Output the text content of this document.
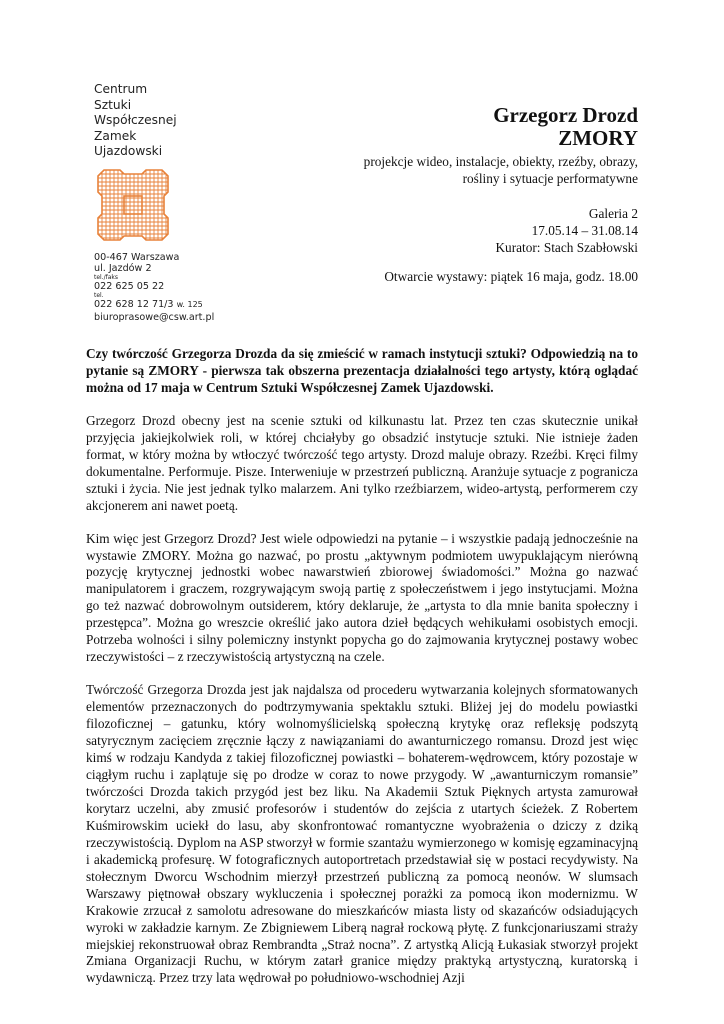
Centrum
Sztuki
Współczesnej
Zamek
Ujazdowski
00-467 Warszawa
ul. Jazdów 2
tel./faks
022 625 05 22
tel.
022 628 12 71/3 w. 125
biuroprasowe@csw.art.pl
Grzegorz Drozd
ZMORY
projekcje wideo, instalacje, obiekty, rzeźby, obrazy,
rośliny i sytuacje performatywne
Galeria 2
17.05.14 – 31.08.14
Kurator: Stach Szabłowski
Otwarcie wystawy: piątek 16 maja, godz. 18.00

Czy twórczość Grzegorza Drozda da się zmieścić w ramach instytucji sztuki? Odpowiedzią na to pytanie są ZMORY - pierwsza tak obszerna prezentacja działalności tego artysty, którą oglądać można od 17 maja w Centrum Sztuki Współczesnej Zamek Ujazdowski.

Grzegorz Drozd obecny jest na scenie sztuki od kilkunastu lat. Przez ten czas skutecznie unikał przyjęcia jakiejkolwiek roli, w której chciałyby go obsadzić instytucje sztuki. Nie istnieje żaden format, w który można by wtłoczyć twórczość tego artysty. Drozd maluje obrazy. Rzeźbi. Kręci filmy dokumentalne. Performuje. Pisze. Interweniuje w przestrzeń publiczną. Aranżuje sytuacje z pogranicza sztuki i życia. Nie jest jednak tylko malarzem. Ani tylko rzeźbiarzem, wideo-artystą, performerem czy akcjonerem ani nawet poetą.

Kim więc jest Grzegorz Drozd? Jest wiele odpowiedzi na pytanie – i wszystkie padają jednocześnie na wystawie ZMORY. Można go nazwać, po prostu „aktywnym podmiotem uwypuklającym nierówną pozycję krytycznej jednostki wobec nawarstwień zbiorowej świadomości.” Można go nazwać manipulatorem i graczem, rozgrywającym swoją partię z społeczeństwem i jego instytucjami. Można go też nazwać dobrowolnym outsiderem, który deklaruje, że „artysta to dla mnie banita społeczny i przestępca”. Można go wreszcie określić jako autora dzieł będących wehikułami osobistych emocji. Potrzeba wolności i silny polemiczny instynkt popycha go do zajmowania krytycznej postawy wobec rzeczywistości – z rzeczywistością artystyczną na czele.

Twórczość Grzegorza Drozda jest jak najdalsza od procederu wytwarzania kolejnych sformatowanych elementów przeznaczonych do podtrzymywania spektaklu sztuki. Bliżej jej do modelu powiastki filozoficznej – gatunku, który wolnomyślicielską społeczną krytykę oraz refleksję podszytą satyrycznym zacięciem zręcznie łączy z nawiązaniami do awanturniczego romansu. Drozd jest więc kimś w rodzaju Kandyda z takiej filozoficznej powiastki – bohaterem-wędrowcem, który pozostaje w ciągłym ruchu i zaplątuje się po drodze w coraz to nowe przygody. W „awanturniczym romansie” twórczości Drozda takich przygód jest bez liku. Na Akademii Sztuk Pięknych artysta zamurował korytarz uczelni, aby zmusić profesorów i studentów do zejścia z utartych ścieżek. Z Robertem Kuśmirowskim uciekł do lasu, aby skonfrontować romantyczne wyobrażenia o dziczy z dziką rzeczywistością. Dyplom na ASP stworzył w formie szantażu wymierzonego w komisję egzaminacyjną i akademicką profesurę. W fotograficznych autoportretach przedstawiał się w postaci recydywisty. Na stołecznym Dworcu Wschodnim mierzył przestrzeń publiczną za pomocą neonów. W slumsach Warszawy piętnował obszary wykluczenia i społecznej porażki za pomocą ikon modernizmu. W Krakowie zrzucał z samolotu adresowane do mieszkańców miasta listy od skazańców odsiadujących wyroki w zakładzie karnym. Ze Zbigniewem Liberą nagrał rockową płytę. Z funkcjonariuszami straży miejskiej rekonstruował obraz Rembrandta „Straż nocna”. Z artystką Alicją Łukasiak stworzył projekt Zmiana Organizacji Ruchu, w którym zatarł granice między praktyką artystyczną, kuratorską i wydawniczą. Przez trzy lata wędrował po południowo-wschodniej Azji
